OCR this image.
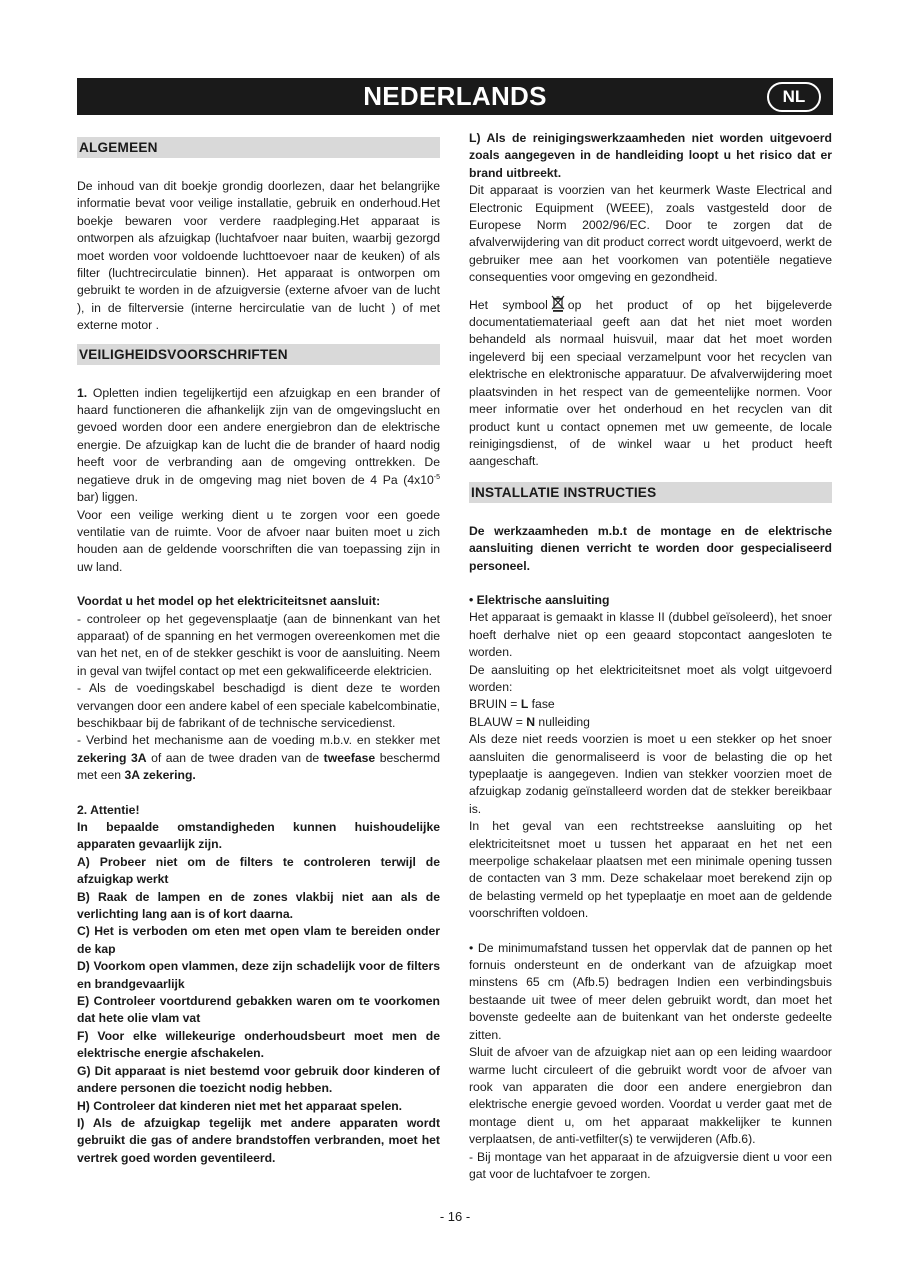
NEDERLANDS	NL
ALGEMEEN

De inhoud van dit boekje grondig doorlezen, daar het belangrijke informatie bevat voor veilige installatie, gebruik en onderhoud.Het boekje bewaren voor verdere raadpleging.Het apparaat is ontworpen als afzuigkap (luchtafvoer naar buiten, waarbij gezorgd moet worden voor voldoende luchttoevoer naar de keuken) of als filter (luchtrecirculatie binnen). Het apparaat is ontworpen om gebruikt te worden in de afzuigversie (externe afvoer van de lucht ), in de filterversie (interne hercirculatie van de lucht ) of met externe motor .

VEILIGHEIDSVOORSCHRIFTEN

1. Opletten indien tegelijkertijd een afzuigkap en een brander of haard functioneren die afhankelijk zijn van de omgevingslucht en gevoed worden door een andere energiebron dan de elektrische energie. De afzuigkap kan de lucht die de brander of haard nodig heeft voor de verbranding aan de omgeving onttrekken. De negatieve druk in de omgeving mag niet boven de 4 Pa ($4x10^{-5}$ bar) liggen.

Voor een veilige werking dient u te zorgen voor een goede ventilatie van de ruimte. Voor de afvoer naar buiten moet u zich houden aan de geldende voorschriften die van toepassing zijn in uw land.

Voordat u het model op het elektriciteitsnet aansluit:

- controleer op het gegevensplaatje (aan de binnenkant van het apparaat) of de spanning en het vermogen overeenkomen met die van het net, en of de stekker geschikt is voor de aansluiting. Neem in geval van twijfel contact op met een gekwalificeerde elektricien.

- Als de voedingskabel beschadigd is dient deze te worden vervangen door een andere kabel of een speciale kabelcombinatie, beschikbaar bij de fabrikant of de technische servicedienst.

- Verbind het mechanisme aan de voeding m.b.v. en stekker met zekering 3A of aan de twee draden van de tweefase beschermd met een 3A zekering.

2. Attentie!

In bepaalde omstandigheden kunnen huishoudelijke apparaten gevaarlijk zijn.

A) Probeer niet om de filters te controleren terwijl de afzuigkap werkt

B) Raak de lampen en de zones vlakbij niet aan als de verlichting lang aan is of kort daarna.

C) Het is verboden om eten met open vlam te bereiden onder de kap

D) Voorkom open vlammen, deze zijn schadelijk voor de filters en brandgevaarlijk

E) Controleer voortdurend gebakken waren om te voorkomen dat hete olie vlam vat

F) Voor elke willekeurige onderhoudsbeurt moet men de elektrische energie afschakelen.

G) Dit apparaat is niet bestemd voor gebruik door kinderen of andere personen die toezicht nodig hebben.

H) Controleer dat kinderen niet met het apparaat spelen.

I) Als de afzuigkap tegelijk met andere apparaten wordt gebruikt die gas of andere brandstoffen verbranden, moet het vertrek goed worden geventileerd.

L) Als de reinigingswerkzaamheden niet worden uitgevoerd zoals aangegeven in de handleiding loopt u het risico dat er brand uitbreekt.

Dit apparaat is voorzien van het keurmerk Waste Electrical and Electronic Equipment (WEEE), zoals vastgesteld door de Europese Norm 2002/96/EC. Door te zorgen dat de afvalverwijdering van dit product correct wordt uitgevoerd, werkt de gebruiker mee aan het voorkomen van potentiële negatieve consequenties voor omgeving en gezondheid.

Het symbool op het product of op het bijgeleverde documentatiemateriaal geeft aan dat het niet moet worden behandeld als normaal huisvuil, maar dat het moet worden ingeleverd bij een speciaal verzamelpunt voor het recyclen van elektrische en elektronische apparatuur. De afvalverwijdering moet plaatsvinden in het respect van de gemeentelijke normen. Voor meer informatie over het onderhoud en het recyclen van dit product kunt u contact opnemen met uw gemeente, de locale reinigingsdienst, of de winkel waar u het product heeft aangeschaft.

INSTALLATIE INSTRUCTIES

De werkzaamheden m.b.t de montage en de elektrische aansluiting dienen verricht te worden door gespecialiseerd personeel.

• Elektrische aansluiting

Het apparaat is gemaakt in klasse II (dubbel geïsoleerd), het snoer hoeft derhalve niet op een geaard stopcontact aangesloten te worden.

De aansluiting op het elektriciteitsnet moet als volgt uitgevoerd worden:

BRUIN = L fase

BLAUW = N nulleiding

Als deze niet reeds voorzien is moet u een stekker op het snoer aansluiten die genormaliseerd is voor de belasting die op het typeplaatje is aangegeven. Indien van stekker voorzien moet de afzuigkap zodanig geïnstalleerd worden dat de stekker bereikbaar is.

In het geval van een rechtstreekse aansluiting op het elektriciteitsnet moet u tussen het apparaat en het net een meerpolige schakelaar plaatsen met een minimale opening tussen de contacten van 3 mm. Deze schakelaar moet berekend zijn op de belasting vermeld op het typeplaatje en moet aan de geldende voorschriften voldoen.

• De minimumafstand tussen het oppervlak dat de pannen op het fornuis ondersteunt en de onderkant van de afzuigkap moet minstens 65 cm (Afb.5) bedragen Indien een verbindingsbuis bestaande uit twee of meer delen gebruikt wordt, dan moet het bovenste gedeelte aan de buitenkant van het onderste gedeelte zitten.

Sluit de afvoer van de afzuigkap niet aan op een leiding waardoor warme lucht circuleert of die gebruikt wordt voor de afvoer van rook van apparaten die door een andere energiebron dan elektrische energie gevoed worden. Voordat u verder gaat met de montage dient u, om het apparaat makkelijker te kunnen verplaatsen, de anti-vetfilter(s) te verwijderen (Afb.6).

- Bij montage van het apparaat in de afzuigversie dient u voor een gat voor de luchtafvoer te zorgen.

- 16 -
